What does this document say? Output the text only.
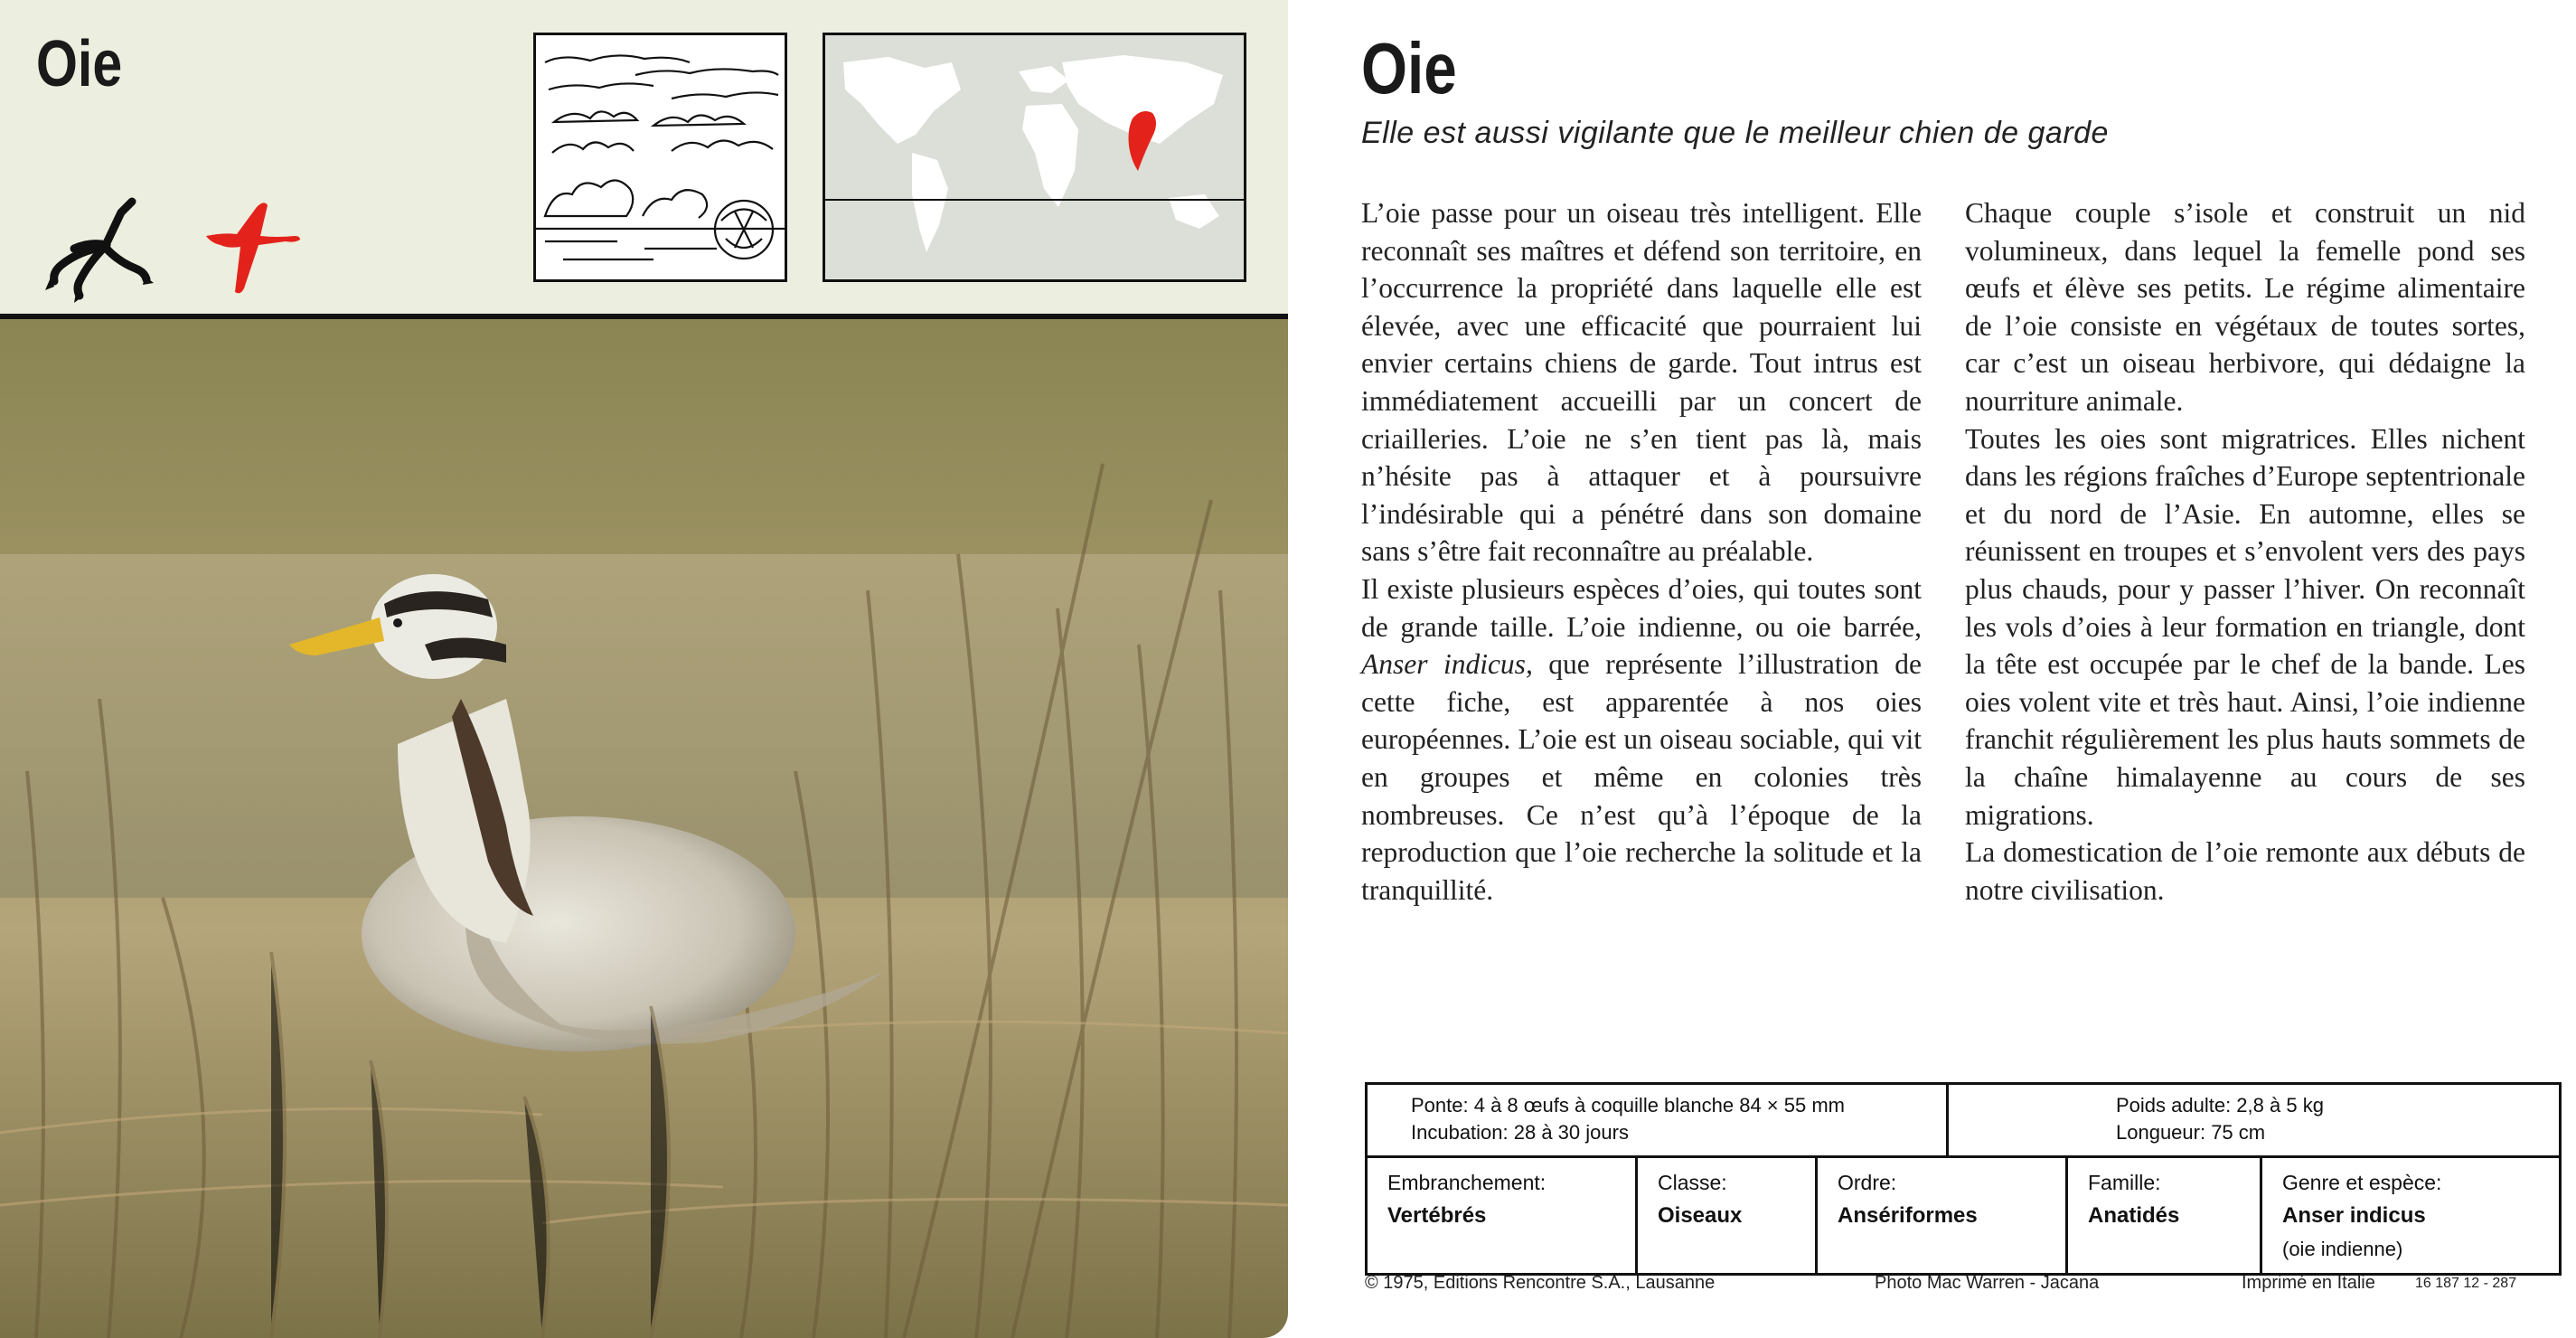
Oie	Oie
Elle est aussi vigilante que le meilleur chien de garde

L’oie passe pour un oiseau très intelligent. Elle reconnaît ses maîtres et défend son territoire, en l’occurrence la propriété dans laquelle elle est élevée, avec une efficacité que pourraient lui envier certains chiens de garde. Tout intrus est immédiatement accueilli par un concert de criailleries. L’oie ne s’en tient pas là, mais n’hésite pas à attaquer et à poursuivre l’indésirable qui a pénétré dans son domaine sans s’être fait reconnaître au préalable.

Il existe plusieurs espèces d’oies, qui toutes sont de grande taille. L’oie indienne, ou oie barrée, Anser indicus, que représente l’illustration de cette fiche, est apparentée à nos oies européennes. L’oie est un oiseau sociable, qui vit en groupes et même en colonies très nombreuses. Ce n’est qu’à l’époque de la reproduction que l’oie recherche la solitude et la tranquillité.

Chaque couple s’isole et construit un nid volumineux, dans lequel la femelle pond ses œufs et élève ses petits. Le régime alimentaire de l’oie consiste en végétaux de toutes sortes, car c’est un oiseau herbivore, qui dédaigne la nourriture animale.

Toutes les oies sont migratrices. Elles nichent dans les régions fraîches d’Europe septentrionale et du nord de l’Asie. En automne, elles se réunissent en troupes et s’envolent vers des pays plus chauds, pour y passer l’hiver. On reconnaît les vols d’oies à leur formation en triangle, dont la tête est occupée par le chef de la bande. Les oies volent vite et très haut. Ainsi, l’oie indienne franchit régulièrement les plus hauts sommets de la chaîne himalayenne au cours de ses migrations.

La domestication de l’oie remonte aux débuts de notre civilisation.

Ponte: 4 à 8 œufs à coquille blanche 84 × 55 mm
Incubation: 28 à 30 jours
Poids adulte: 2,8 à 5 kg
Longueur: 75 cm
Embranchement:
Vertébrés
Classe:
Oiseaux
Ordre:
Ansériformes
Famille:
Anatidés
Genre et espèce:
Anser indicus
(oie indienne)
© 1975, Editions Rencontre S.A., Lausanne	Photo Mac Warren - Jacana	Imprimé en Italie	16 187 12 - 287
